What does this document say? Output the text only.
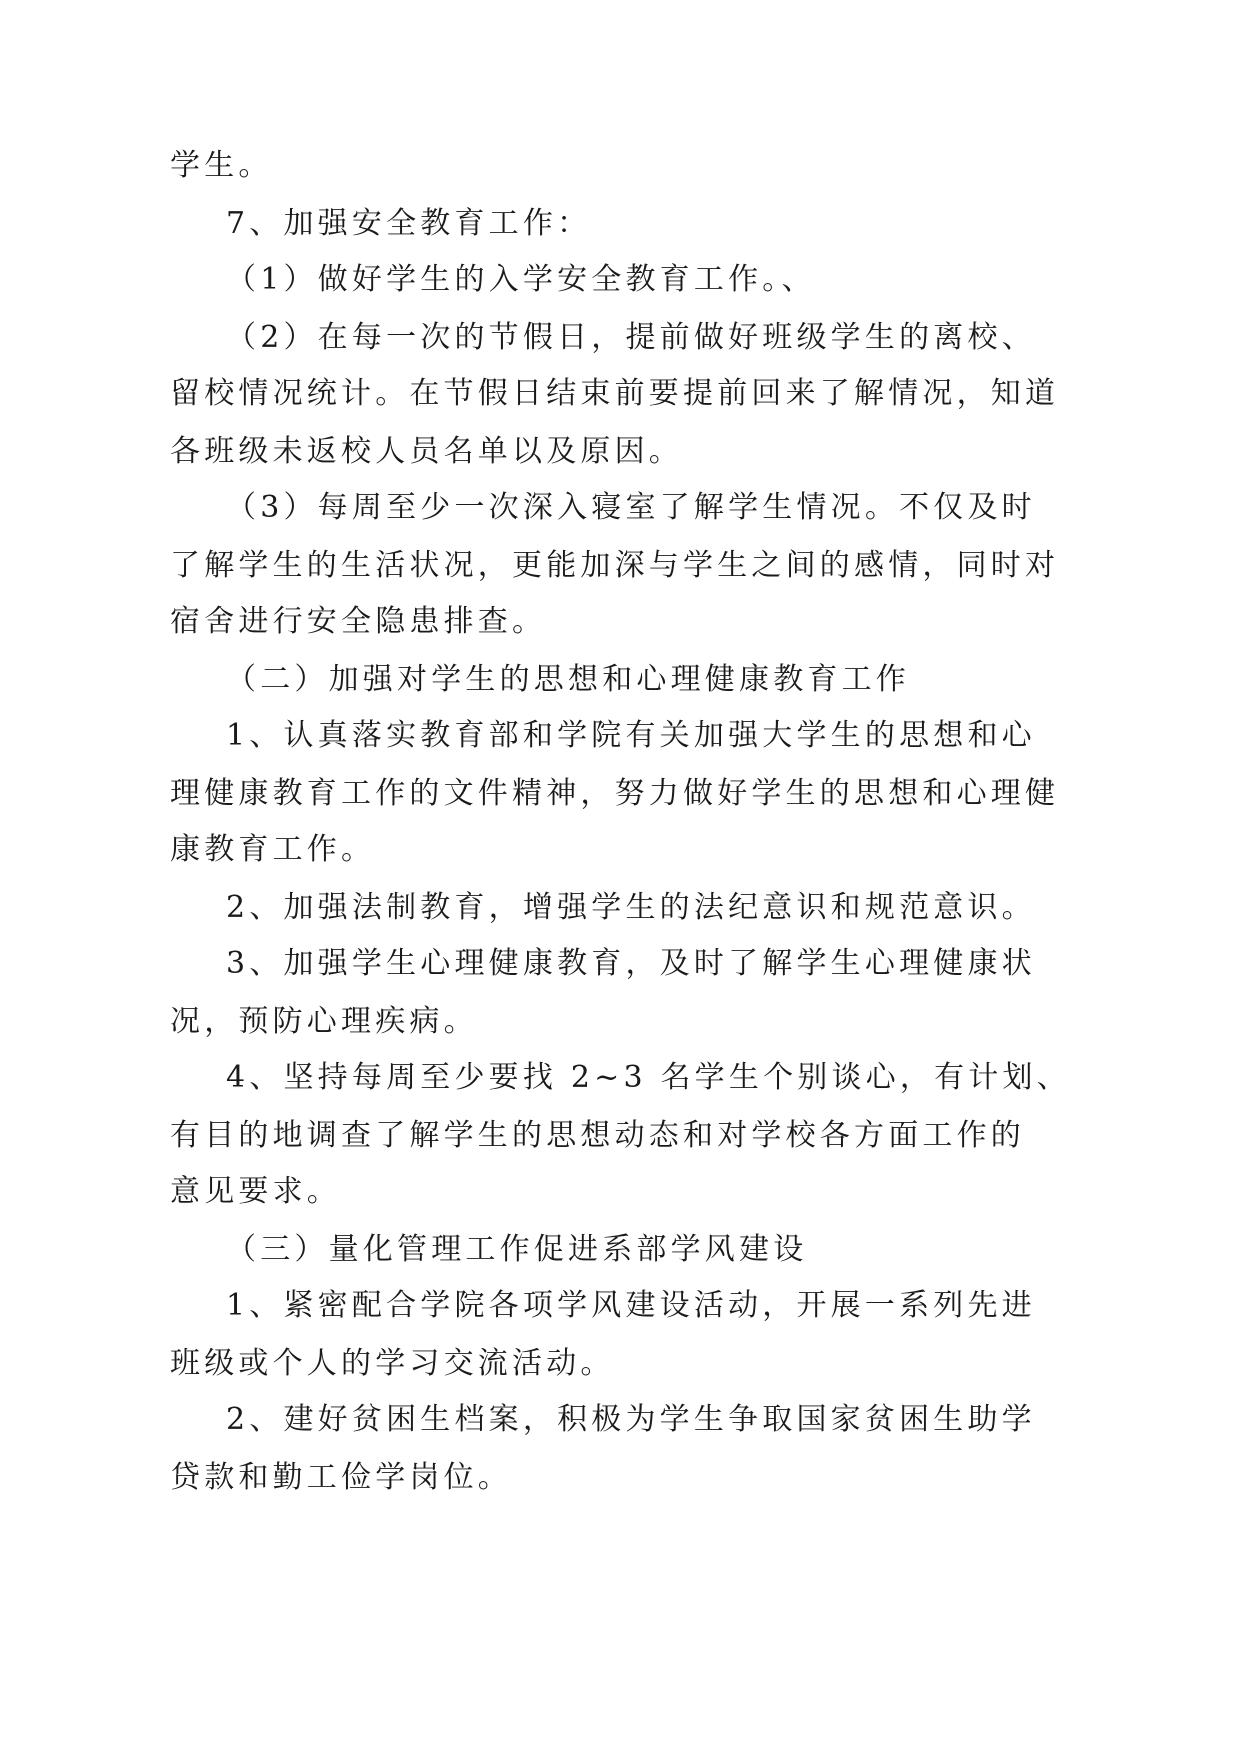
学生。
7、加强安全教育工作：
（1）做好学生的入学安全教育工作。、
（2）在每一次的节假日，提前做好班级学生的离校、
留校情况统计。在节假日结束前要提前回来了解情况，知道
各班级未返校人员名单以及原因。
（3）每周至少一次深入寝室了解学生情况。不仅及时
了解学生的生活状况，更能加深与学生之间的感情，同时对
宿舍进行安全隐患排查。
（二）加强对学生的思想和心理健康教育工作
1、认真落实教育部和学院有关加强大学生的思想和心
理健康教育工作的文件精神，努力做好学生的思想和心理健
康教育工作。
2、加强法制教育，增强学生的法纪意识和规范意识。
3、加强学生心理健康教育，及时了解学生心理健康状
况，预防心理疾病。
4、坚持每周至少要找 2~3 名学生个别谈心，有计划、
有目的地调查了解学生的思想动态和对学校各方面工作的
意见要求。
（三）量化管理工作促进系部学风建设
1、紧密配合学院各项学风建设活动，开展一系列先进
班级或个人的学习交流活动。
2、建好贫困生档案，积极为学生争取国家贫困生助学
贷款和勤工俭学岗位。
